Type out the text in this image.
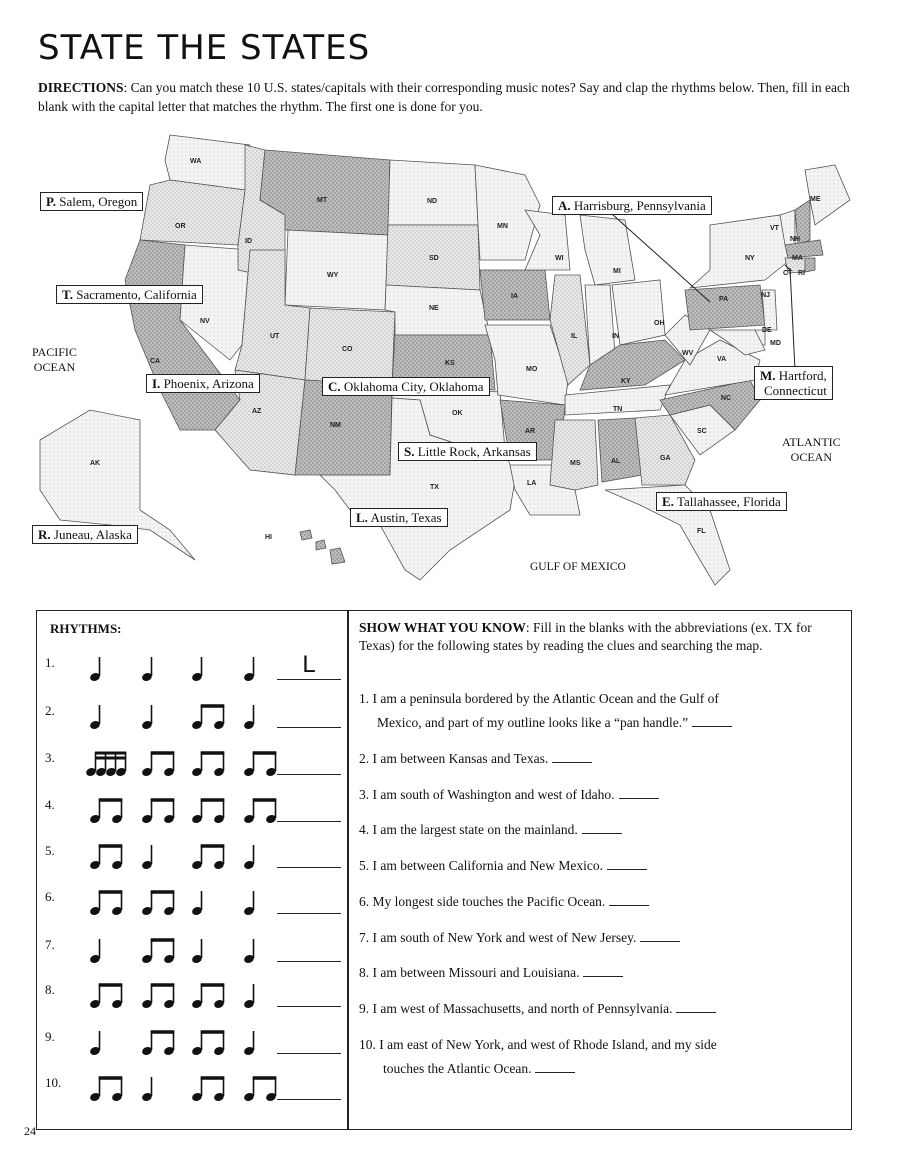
STATE THE STATES
DIRECTIONS: Can you match these 10 U.S. states/capitals with their corresponding music notes? Say and clap the rhythms below. Then, fill in each blank with the capital letter that matches the rhythm. The first one is done for you.
WA
OR
CA
NV
ID
MT
WY
UT
AZ
CO
NM
ND
SD
NE
KS
OK
TX
MN
IA
MO
AR
LA
WI
IL
MI
IN
OH
KY
TN
MS	AL	GA
FL
SC
NC
VA
WV
PA
NY
VT
NH
ME
MA
CT RI
NJ
DE
MD
AK
HI
PACIFIC
OCEAN
ATLANTIC
OCEAN
GULF OF MEXICO
P. Salem, Oregon	A. Harrisburg, Pennsylvania
T. Sacramento, California
I. Phoenix, Arizona	C. Oklahoma City, Oklahoma
M. Hartford,
Connecticut
S. Little Rock, Arkansas
E. Tallahassee, Florida
L. Austin, Texas
R. Juneau, Alaska
RHYTHMS:
1.	L
2.
3.
4.
5.
6.
7.
8.
9.
10.
SHOW WHAT YOU KNOW: Fill in the blanks with the abbreviations (ex. TX for Texas) for the following states by reading the clues and searching the map.
1. I am a peninsula bordered by the Atlantic Ocean and the Gulf of
Mexico, and part of my outline looks like a “pan handle.”
2. I am between Kansas and Texas.
3. I am south of Washington and west of Idaho.
4. I am the largest state on the mainland.
5. I am between California and New Mexico.
6. My longest side touches the Pacific Ocean.
7. I am south of New York and west of New Jersey.
8. I am between Missouri and Louisiana.
9. I am west of Massachusetts, and north of Pennsylvania.
10. I am east of New York, and west of Rhode Island, and my side
touches the Atlantic Ocean.
24
